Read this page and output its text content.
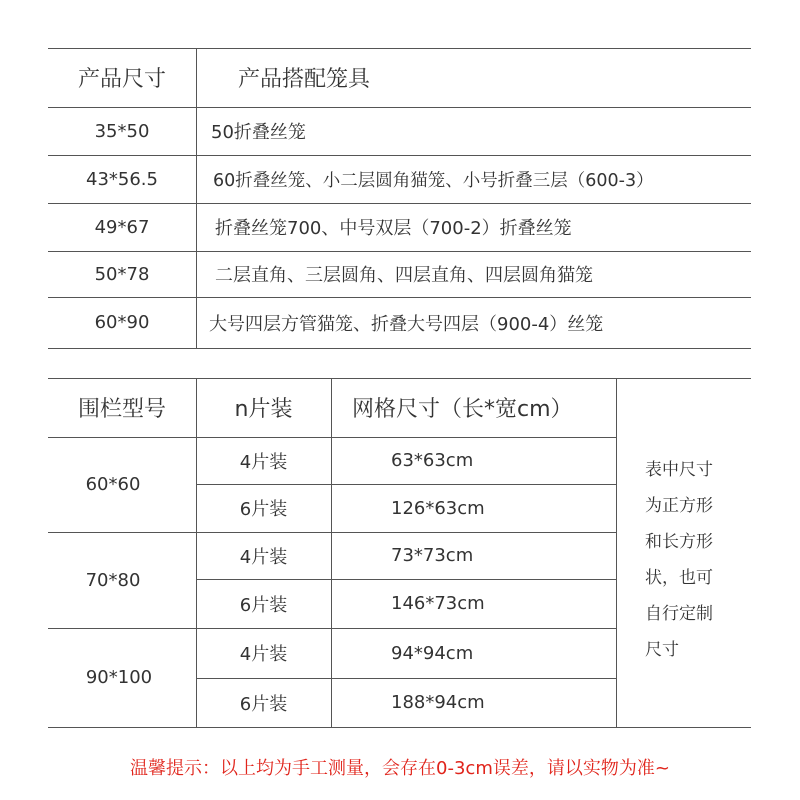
产品尺寸	产品搭配笼具
35*50	50折叠丝笼
43*56.5	60折叠丝笼、小二层圆角猫笼、小号折叠三层（600-3）
49*67	折叠丝笼700、中号双层（700-2）折叠丝笼
50*78	二层直角、三层圆角、四层直角、四层圆角猫笼
60*90	大号四层方管猫笼、折叠大号四层（900-4）丝笼
围栏型号	n片装	网格尺寸（长*宽cm）
60*60
4片装	63*63cm
6片装	126*63cm
70*80
4片装	73*73cm
6片装	146*73cm
90*100
4片装	94*94cm
6片装	188*94cm
表中尺寸
为正方形
和长方形
状，也可
自行定制
尺寸
温馨提示：以上均为手工测量，会存在0-3cm误差，请以实物为准~
